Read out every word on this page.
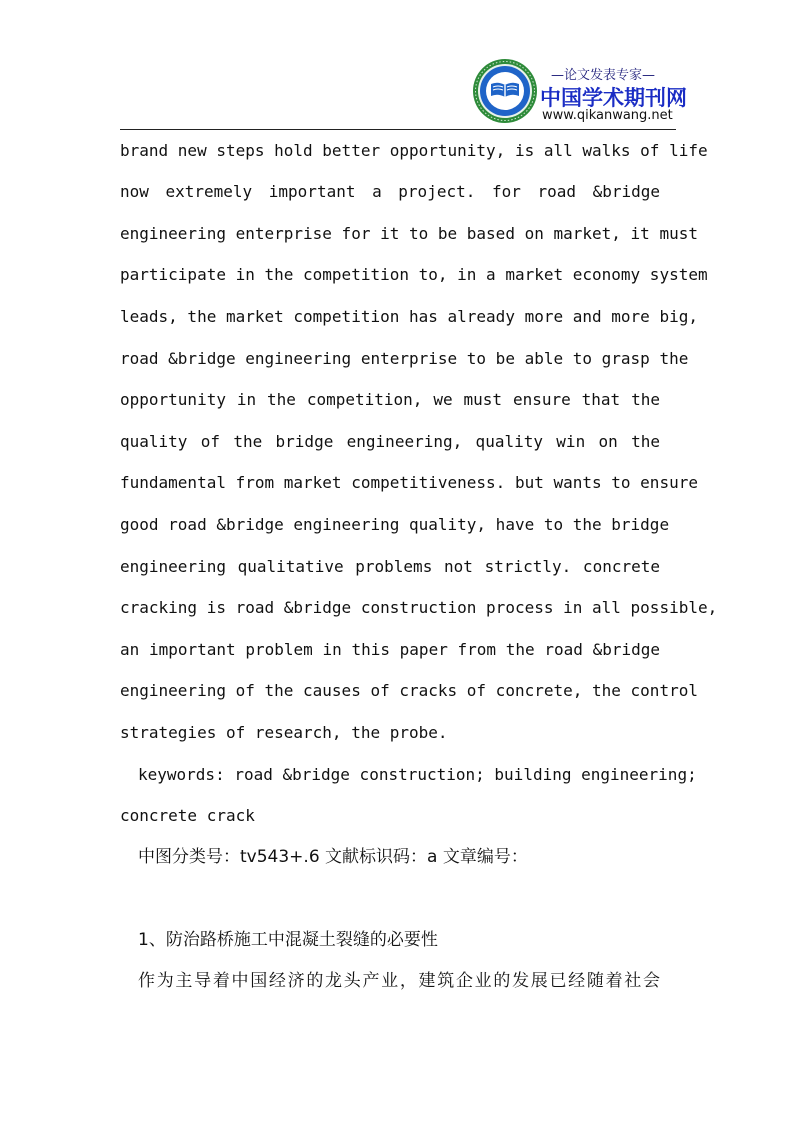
—论文发表专家—
中国学术期刊网
www.qikanwang.net
brand new steps hold better opportunity, is all walks of life
now extremely important a project. for road &bridge
engineering enterprise for it to be based on market, it must
participate in the competition to, in a market economy system
leads, the market competition has already more and more big,
road &bridge engineering enterprise to be able to grasp the
opportunity in the competition, we must ensure that the
quality of the bridge engineering, quality win on the
fundamental from market competitiveness. but wants to ensure
good road &bridge engineering quality, have to the bridge
engineering qualitative problems not strictly. concrete
cracking is road &bridge construction process in all possible,
an important problem in this paper from the road &bridge
engineering of the causes of cracks of concrete, the control
strategies of research, the probe.
keywords: road &bridge construction; building engineering;
concrete crack
中图分类号：tv543+.6 文献标识码：a 文章编号：
1、防治路桥施工中混凝土裂缝的必要性
作为主导着中国经济的龙头产业，建筑企业的发展已经随着社会
